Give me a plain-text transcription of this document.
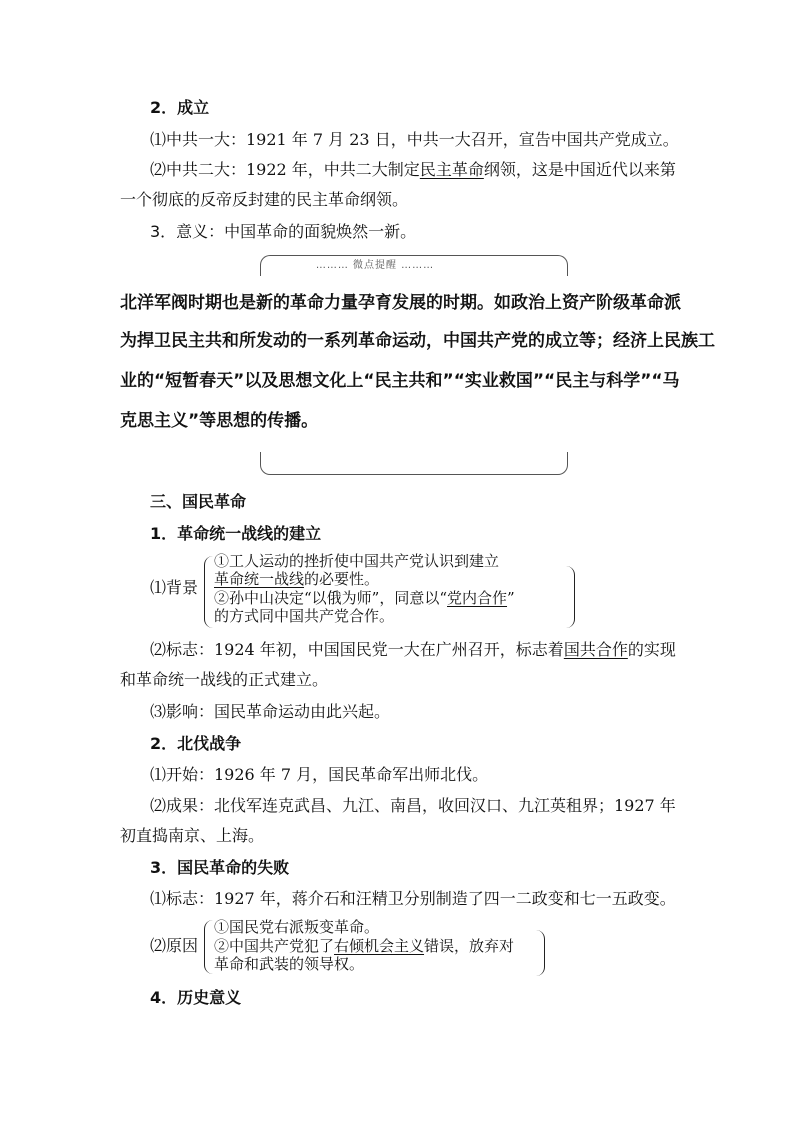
2．成立
⑴中共一大：1921 年 7 月 23 日，中共一大召开，宣告中国共产党成立。
⑵中共二大：1922 年，中共二大制定民主革命纲领，这是中国近代以来第
一个彻底的反帝反封建的民主革命纲领。
3．意义：中国革命的面貌焕然一新。
……… 微点提醒 ………
北洋军阀时期也是新的革命力量孕育发展的时期。如政治上资产阶级革命派
为捍卫民主共和所发动的一系列革命运动，中国共产党的成立等；经济上民族工
业的“短暂春天”以及思想文化上“民主共和”“实业救国”“民主与科学”“马
克思主义”等思想的传播。
三、国民革命
1．革命统一战线的建立
⑴背景
①工人运动的挫折使中国共产党认识到建立
革命统一战线的必要性。
②孙中山决定“以俄为师”，同意以“党内合作”
的方式同中国共产党合作。
⑵标志：1924 年初，中国国民党一大在广州召开，标志着国共合作的实现
和革命统一战线的正式建立。
⑶影响：国民革命运动由此兴起。
2．北伐战争
⑴开始：1926 年 7 月，国民革命军出师北伐。
⑵成果：北伐军连克武昌、九江、南昌，收回汉口、九江英租界；1927 年
初直捣南京、上海。
3．国民革命的失败
⑴标志：1927 年，蒋介石和汪精卫分别制造了四一二政变和七一五政变。
⑵原因
①国民党右派叛变革命。
②中国共产党犯了右倾机会主义错误，放弃对
革命和武装的领导权。
4．历史意义
